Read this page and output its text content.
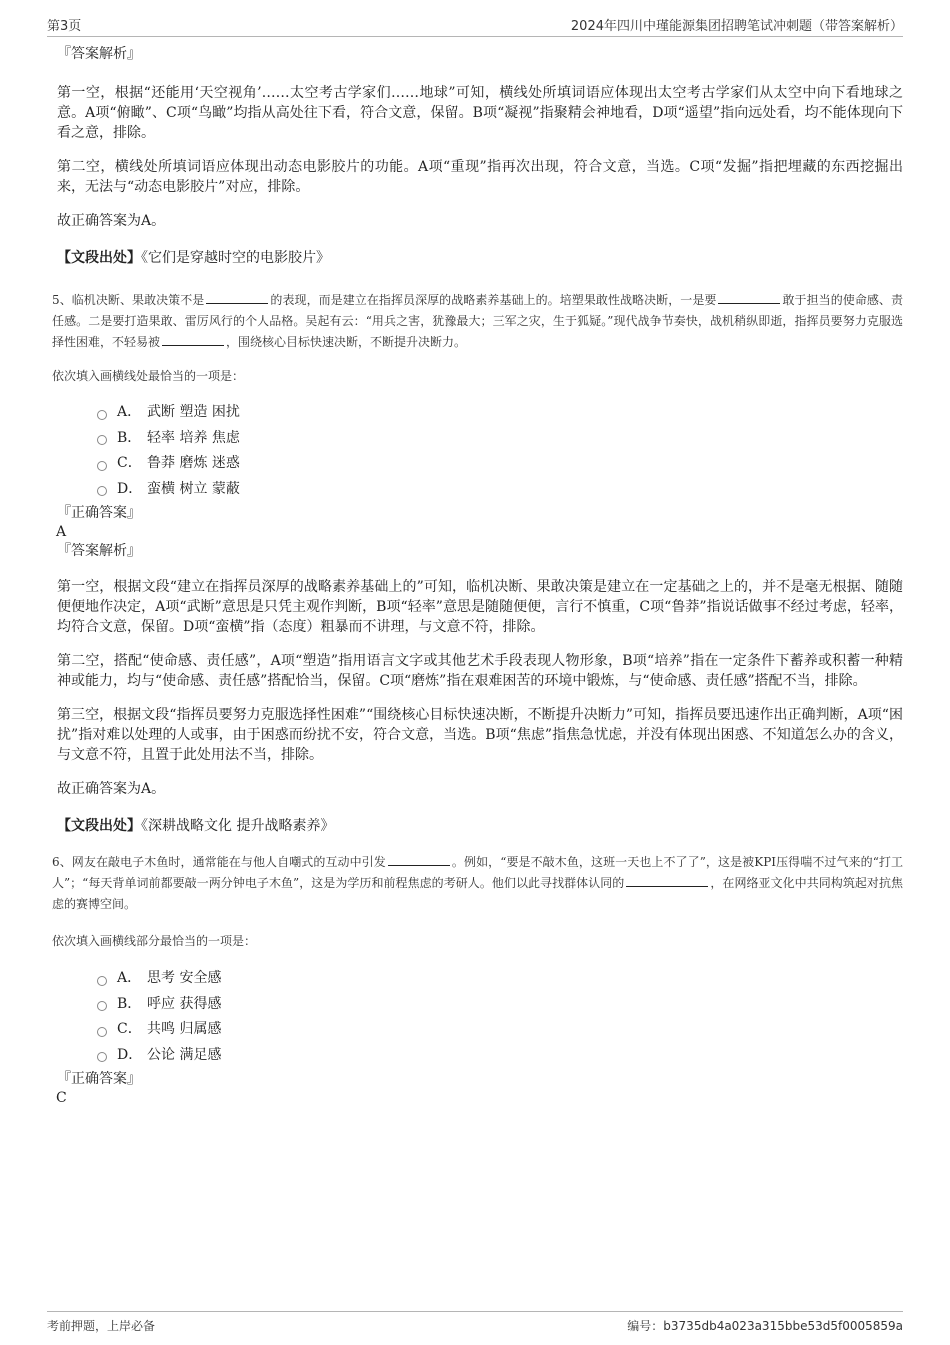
第3页	2024年四川中瑾能源集团招聘笔试冲刺题（带答案解析）

『答案解析』

第一空，根据“还能用‘天空视角’……太空考古学家们……地球”可知，横线处所填词语应体现出太空考古学家们从太空中向下看地球之意。A项“俯瞰”、C项“鸟瞰”均指从高处往下看，符合文意，保留。B项“凝视”指聚精会神地看，D项“遥望”指向远处看，均不能体现向下看之意，排除。

第二空，横线处所填词语应体现出动态电影胶片的功能。A项“重现”指再次出现，符合文意，当选。C项“发掘”指把埋藏的东西挖掘出来，无法与“动态电影胶片”对应，排除。

故正确答案为A。

【文段出处】《它们是穿越时空的电影胶片》

5、临机决断、果敢决策不是	的表现，而是建立在指挥员深厚的战略素养基础上的。培塑果敢性战略决断，一是要	敢于担当的使命感、责任感。二是要打造果敢、雷厉风行的个人品格。吴起有云：“用兵之害，犹豫最大；三军之灾，生于狐疑。”现代战争节奏快，战机稍纵即逝，指挥员要努力克服选择性困难，不轻易被	，围绕核心目标快速决断，不断提升决断力。

依次填入画横线处最恰当的一项是：

A． 武断 塑造 困扰
B． 轻率 培养 焦虑
C． 鲁莽 磨炼 迷惑
D． 蛮横 树立 蒙蔽

『正确答案』

A

『答案解析』

第一空，根据文段“建立在指挥员深厚的战略素养基础上的”可知，临机决断、果敢决策是建立在一定基础之上的，并不是毫无根据、随随便便地作决定，A项“武断”意思是只凭主观作判断，B项“轻率”意思是随随便便，言行不慎重，C项“鲁莽”指说话做事不经过考虑，轻率，均符合文意，保留。D项“蛮横”指（态度）粗暴而不讲理，与文意不符，排除。

第二空，搭配“使命感、责任感”，A项“塑造”指用语言文字或其他艺术手段表现人物形象，B项“培养”指在一定条件下蓄养或积蓄一种精神或能力，均与“使命感、责任感”搭配恰当，保留。C项“磨炼”指在艰难困苦的环境中锻炼，与“使命感、责任感”搭配不当，排除。

第三空，根据文段“指挥员要努力克服选择性困难”“围绕核心目标快速决断，不断提升决断力”可知，指挥员要迅速作出正确判断，A项“困扰”指对难以处理的人或事，由于困惑而纷扰不安，符合文意，当选。B项“焦虑”指焦急忧虑，并没有体现出困惑、不知道怎么办的含义，与文意不符，且置于此处用法不当，排除。

故正确答案为A。

【文段出处】《深耕战略文化 提升战略素养》

6、网友在敲电子木鱼时，通常能在与他人自嘲式的互动中引发	。例如，“要是不敲木鱼，这班一天也上不了了”，这是被KPI压得喘不过气来的“打工人”；“每天背单词前都要敲一两分钟电子木鱼”，这是为学历和前程焦虑的考研人。他们以此寻找群体认同的	，在网络亚文化中共同构筑起对抗焦虑的赛博空间。

依次填入画横线部分最恰当的一项是：

A． 思考 安全感
B． 呼应 获得感
C． 共鸣 归属感
D． 公论 满足感

『正确答案』

C

考前押题，上岸必备	编号：b3735db4a023a315bbe53d5f0005859a
